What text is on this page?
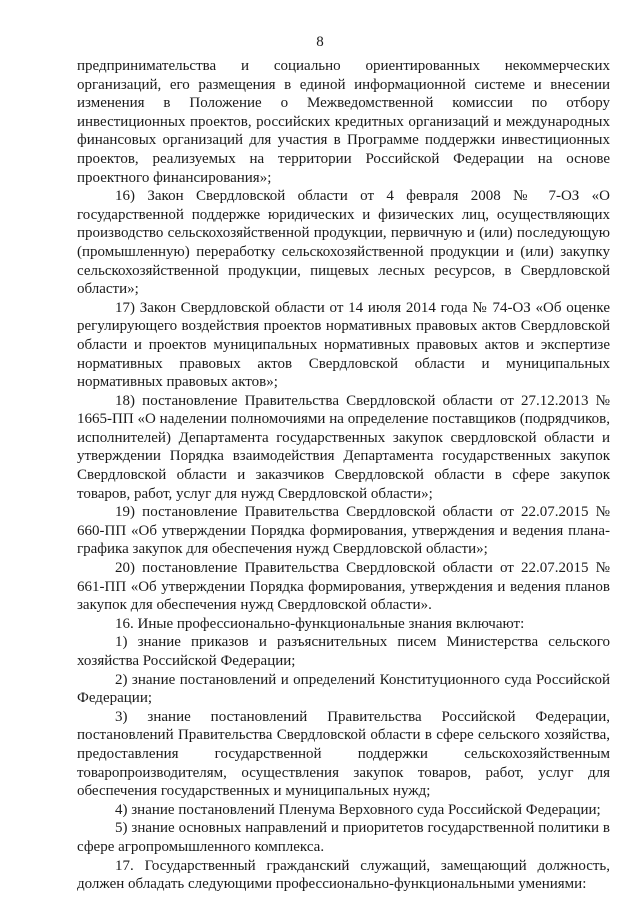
8

предпринимательства и социально ориентированных некоммерческих организаций, его размещения в единой информационной системе и внесении изменения в Положение о Межведомственной комиссии по отбору инвестиционных проектов, российских кредитных организаций и международных финансовых организаций для участия в Программе поддержки инвестиционных проектов, реализуемых на территории Российской Федерации на основе проектного финансирования»;

16) Закон Свердловской области от 4 февраля 2008 № 7-ОЗ «О государственной поддержке юридических и физических лиц, осуществляющих производство сельскохозяйственной продукции, первичную и (или) последующую (промышленную) переработку сельскохозяйственной продукции и (или) закупку сельскохозяйственной продукции, пищевых лесных ресурсов, в Свердловской области»;

17) Закон Свердловской области от 14 июля 2014 года № 74-ОЗ «Об оценке регулирующего воздействия проектов нормативных правовых актов Свердловской области и проектов муниципальных нормативных правовых актов и экспертизе нормативных правовых актов Свердловской области и муниципальных нормативных правовых актов»;

18) постановление Правительства Свердловской области от 27.12.2013 № 1665-ПП «О наделении полномочиями на определение поставщиков (подрядчиков, исполнителей) Департамента государственных закупок свердловской области и утверждении Порядка взаимодействия Департамента государственных закупок Свердловской области и заказчиков Свердловской области в сфере закупок товаров, работ, услуг для нужд Свердловской области»;

19) постановление Правительства Свердловской области от 22.07.2015 № 660-ПП «Об утверждении Порядка формирования, утверждения и ведения плана-графика закупок для обеспечения нужд Свердловской области»;

20) постановление Правительства Свердловской области от 22.07.2015 № 661-ПП «Об утверждении Порядка формирования, утверждения и ведения планов закупок для обеспечения нужд Свердловской области».

16. Иные профессионально-функциональные знания включают:

1) знание приказов и разъяснительных писем Министерства сельского хозяйства Российской Федерации;

2) знание постановлений и определений Конституционного суда Российской Федерации;

3) знание постановлений Правительства Российской Федерации, постановлений Правительства Свердловской области в сфере сельского хозяйства, предоставления государственной поддержки сельскохозяйственным товаропроизводителям, осуществления закупок товаров, работ, услуг для обеспечения государственных и муниципальных нужд;

4) знание постановлений Пленума Верховного суда Российской Федерации;

5) знание основных направлений и приоритетов государственной политики в сфере агропромышленного комплекса.

17. Государственный гражданский служащий, замещающий должность, должен обладать следующими профессионально-функциональными умениями:
